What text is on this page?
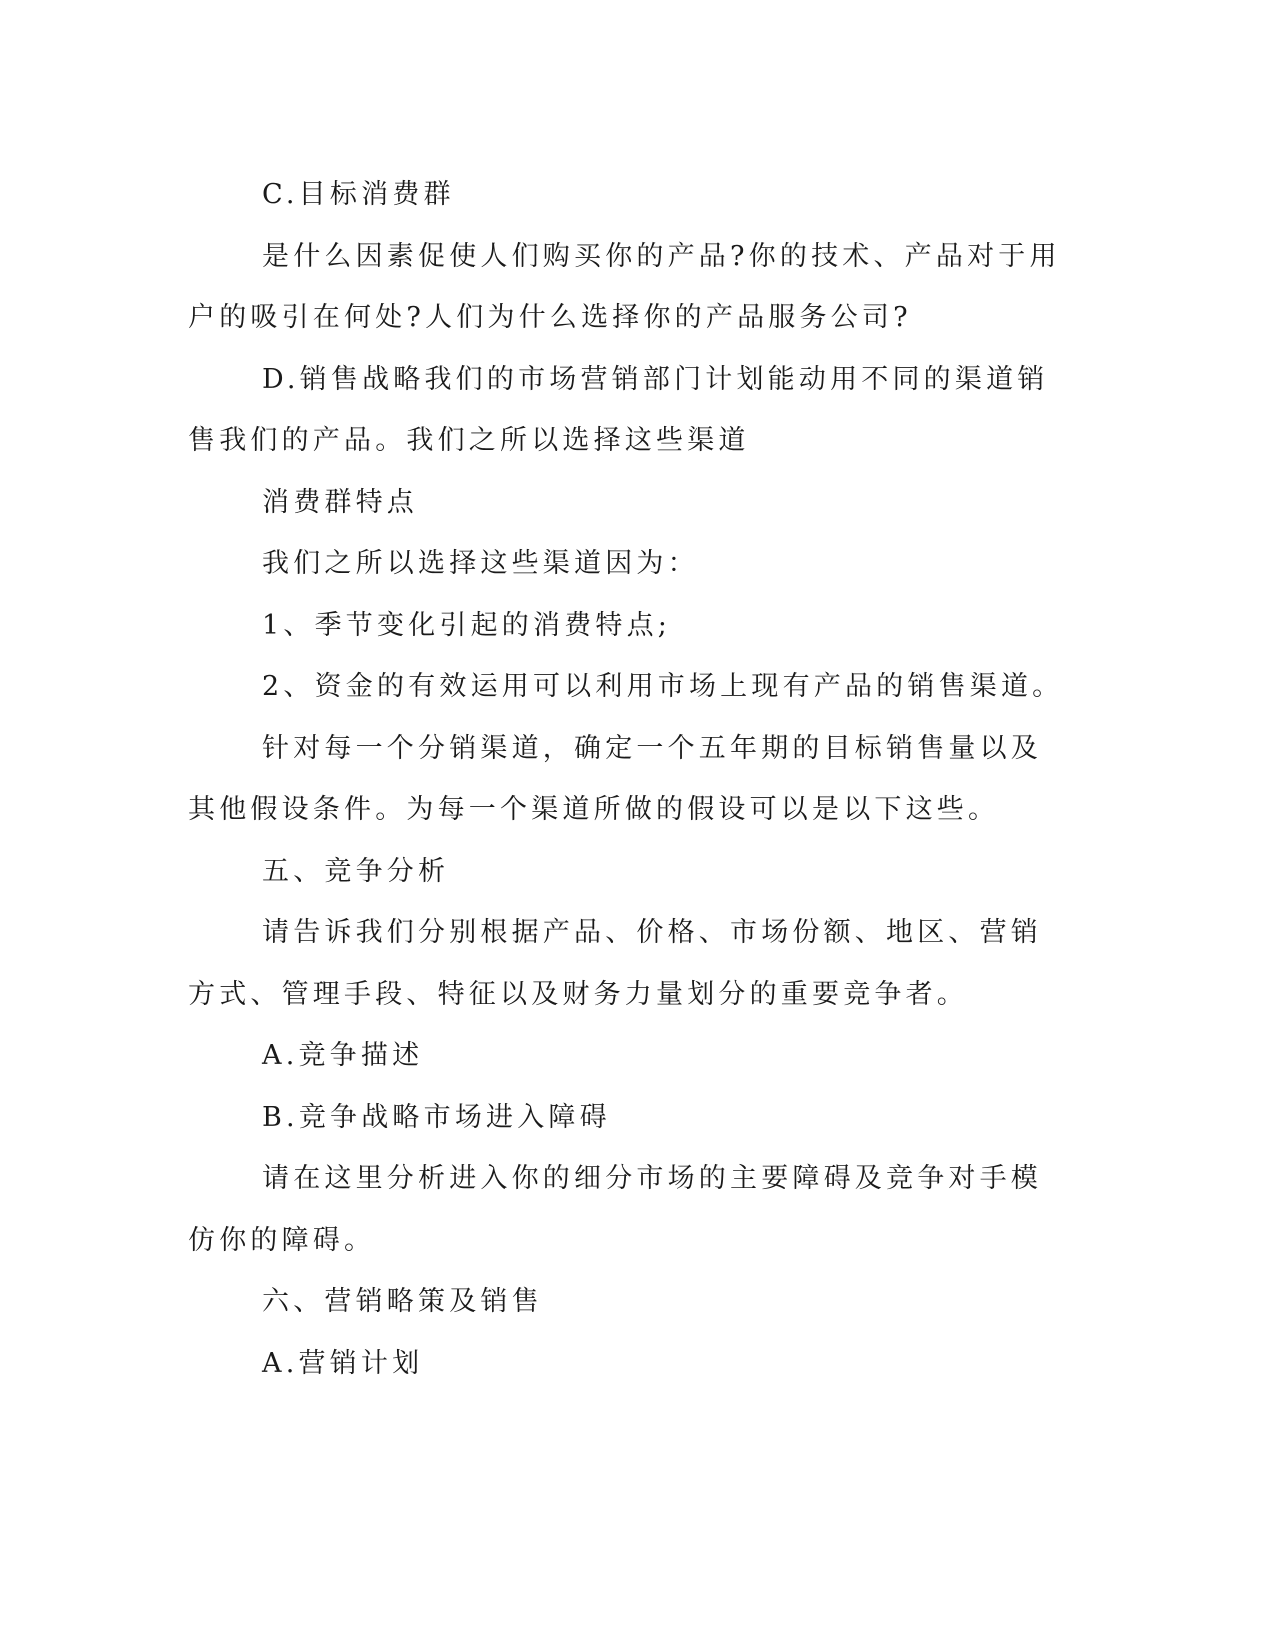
C.目标消费群

是什么因素促使人们购买你的产品?你的技术、产品对于用户的吸引在何处?人们为什么选择你的产品服务公司?

D.销售战略我们的市场营销部门计划能动用不同的渠道销售我们的产品。我们之所以选择这些渠道

消费群特点

我们之所以选择这些渠道因为：

1、季节变化引起的消费特点;

2、资金的有效运用可以利用市场上现有产品的销售渠道。

针对每一个分销渠道，确定一个五年期的目标销售量以及其他假设条件。为每一个渠道所做的假设可以是以下这些。

五、竞争分析

请告诉我们分别根据产品、价格、市场份额、地区、营销方式、管理手段、特征以及财务力量划分的重要竞争者。

A.竞争描述

B.竞争战略市场进入障碍

请在这里分析进入你的细分市场的主要障碍及竞争对手模仿你的障碍。

六、营销略策及销售

A.营销计划
